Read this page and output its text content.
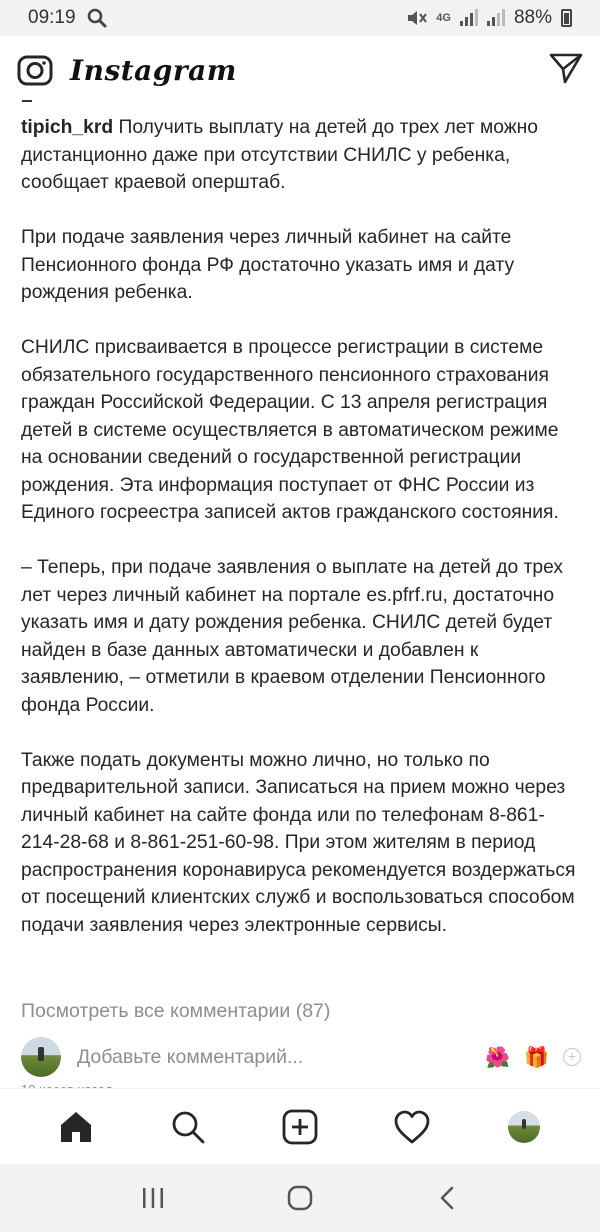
09:19	4G	88%
Instagram

tipich_krd Получить выплату на детей до трех лет можно дистанционно даже при отсутствии СНИЛС у ребенка, сообщает краевой оперштаб.

При подаче заявления через личный кабинет на сайте Пенсионного фонда РФ достаточно указать имя и дату рождения ребенка.

СНИЛС присваивается в процессе регистрации в системе обязательного государственного пенсионного страхования граждан Российской Федерации. С 13 апреля регистрация детей в системе осуществляется в автоматическом режиме на основании сведений о государственной регистрации рождения. Эта информация поступает от ФНС России из Единого госреестра записей актов гражданского состояния.

– Теперь, при подаче заявления о выплате на детей до трех лет через личный кабинет на портале es.pfrf.ru, достаточно указать имя и дату рождения ребенка. СНИЛС детей будет найден в базе данных автоматически и добавлен к заявлению, – отметили в краевом отделении Пенсионного фонда России.

Также подать документы можно лично, но только по предварительной записи. Записаться на прием можно через личный кабинет на сайте фонда или по телефонам 8-861-214-28-68 и 8-861-251-60-98. При этом жителям в период распространения коронавируса рекомендуется воздержаться от посещений клиентских служб и воспользоваться способом подачи заявления через электронные сервисы.

Посмотреть все комментарии (87)
Добавьте комментарий...	🌺 🎁	+
